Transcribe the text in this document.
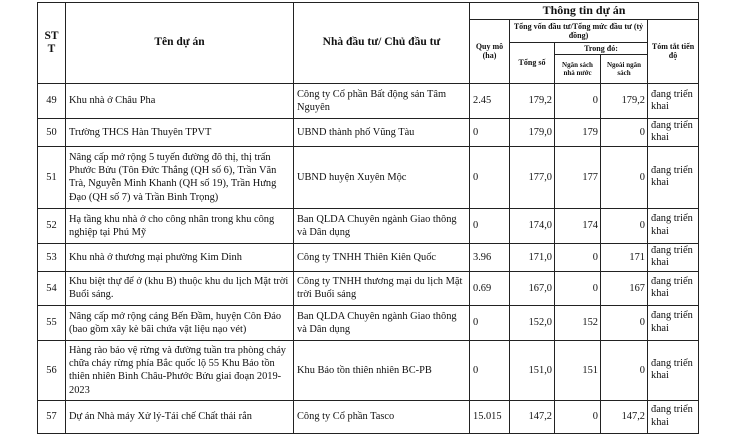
ST T	Tên dự án	Nhà đầu tư/ Chủ đầu tư	Thông tin dự án				
			Quy mô (ha)	Tổng vốn đầu tư/Tổng mức đầu tư (tỷ đồng)			Tóm tắt tiến độ
				Tổng số	Trong đó:		
					Ngân sách nhà nước	Ngoài ngân sách	
49	Khu nhà ở Châu Pha	Công ty Cổ phần Bất động sản Tâm Nguyên	2.45	179,2	0	179,2	đang triển khai
50	Trường THCS Hàn Thuyên TPVT	UBND thành phố Vũng Tàu	0	179,0	179	0	đang triển khai
51	Nâng cấp mở rộng 5 tuyến đường đô thị, thị trấn Phước Bửu (Tôn Đức Thắng (QH số 6), Trần Văn Trà, Nguyễn Minh Khanh (QH số 19), Trần Hưng Đạo (QH số 7) và Trần Bình Trọng)	UBND huyện Xuyên Mộc	0	177,0	177	0	đang triển khai
52	Hạ tầng khu nhà ở cho công nhân trong khu công nghiệp tại Phú Mỹ	Ban QLDA Chuyên ngành Giao thông và Dân dụng	0	174,0	174	0	đang triển khai
53	Khu nhà ở thương mại phường Kim Dinh	Công ty TNHH Thiên Kiên Quốc	3.96	171,0	0	171	đang triển khai
54	Khu biệt thự để ở (khu B) thuộc khu du lịch Mặt trời Buổi sáng.	Công ty TNHH thương mại du lịch Mặt trời Buổi sáng	0.69	167,0	0	167	đang triển khai
55	Nâng cấp mở rộng cảng Bến Đầm, huyện Côn Đảo (bao gồm xây kè bãi chứa vật liệu nạo vét)	Ban QLDA Chuyên ngành Giao thông và Dân dụng	0	152,0	152	0	đang triển khai
56	Hàng rào bảo vệ rừng và đường tuần tra phòng cháy chữa cháy rừng phía Bắc quốc lộ 55 Khu Bảo tồn thiên nhiên Bình Châu-Phước Bửu giai đoạn 2019-2023	Khu Bảo tồn thiên nhiên BC-PB	0	151,0	151	0	đang triển khai
57	Dự án Nhà máy Xử lý-Tái chế Chất thải rắn	Công ty Cổ phần Tasco	15.015	147,2	0	147,2	đang triển khai
